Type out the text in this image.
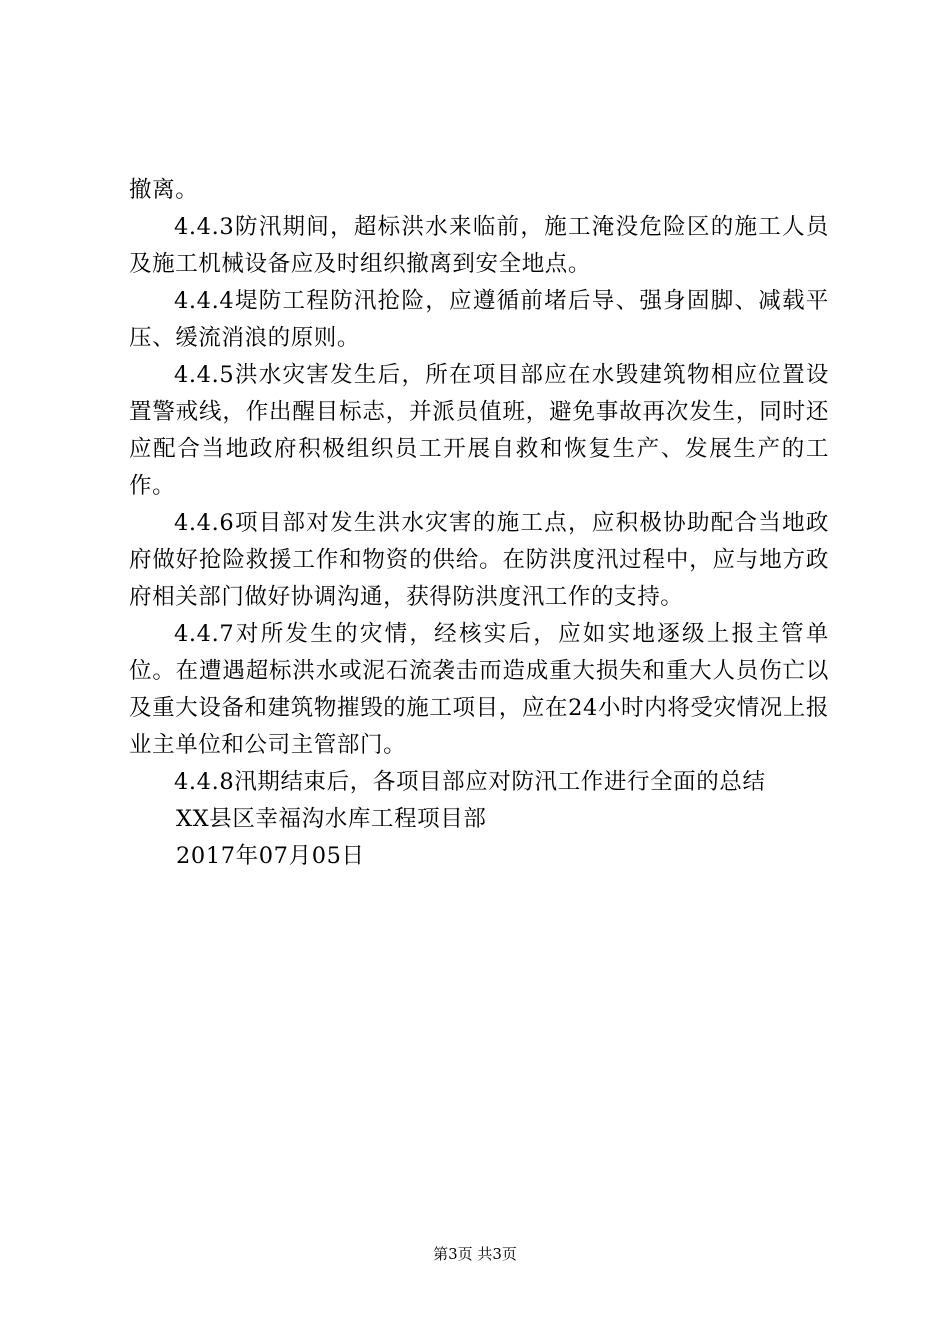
撤离。

4.4.3防汛期间，超标洪水来临前，施工淹没危险区的施工人员及施工机械设备应及时组织撤离到安全地点。

4.4.4堤防工程防汛抢险，应遵循前堵后导、强身固脚、减载平压、缓流消浪的原则。

4.4.5洪水灾害发生后，所在项目部应在水毁建筑物相应位置设置警戒线，作出醒目标志，并派员值班，避免事故再次发生，同时还应配合当地政府积极组织员工开展自救和恢复生产、发展生产的工作。

4.4.6项目部对发生洪水灾害的施工点，应积极协助配合当地政府做好抢险救援工作和物资的供给。在防洪度汛过程中，应与地方政府相关部门做好协调沟通，获得防洪度汛工作的支持。

4.4.7对所发生的灾情，经核实后，应如实地逐级上报主管单位。在遭遇超标洪水或泥石流袭击而造成重大损失和重大人员伤亡以及重大设备和建筑物摧毁的施工项目，应在24小时内将受灾情况上报业主单位和公司主管部门。

4.4.8汛期结束后，各项目部应对防汛工作进行全面的总结

XX县区幸福沟水库工程项目部

2017年07月05日

第3页 共3页
